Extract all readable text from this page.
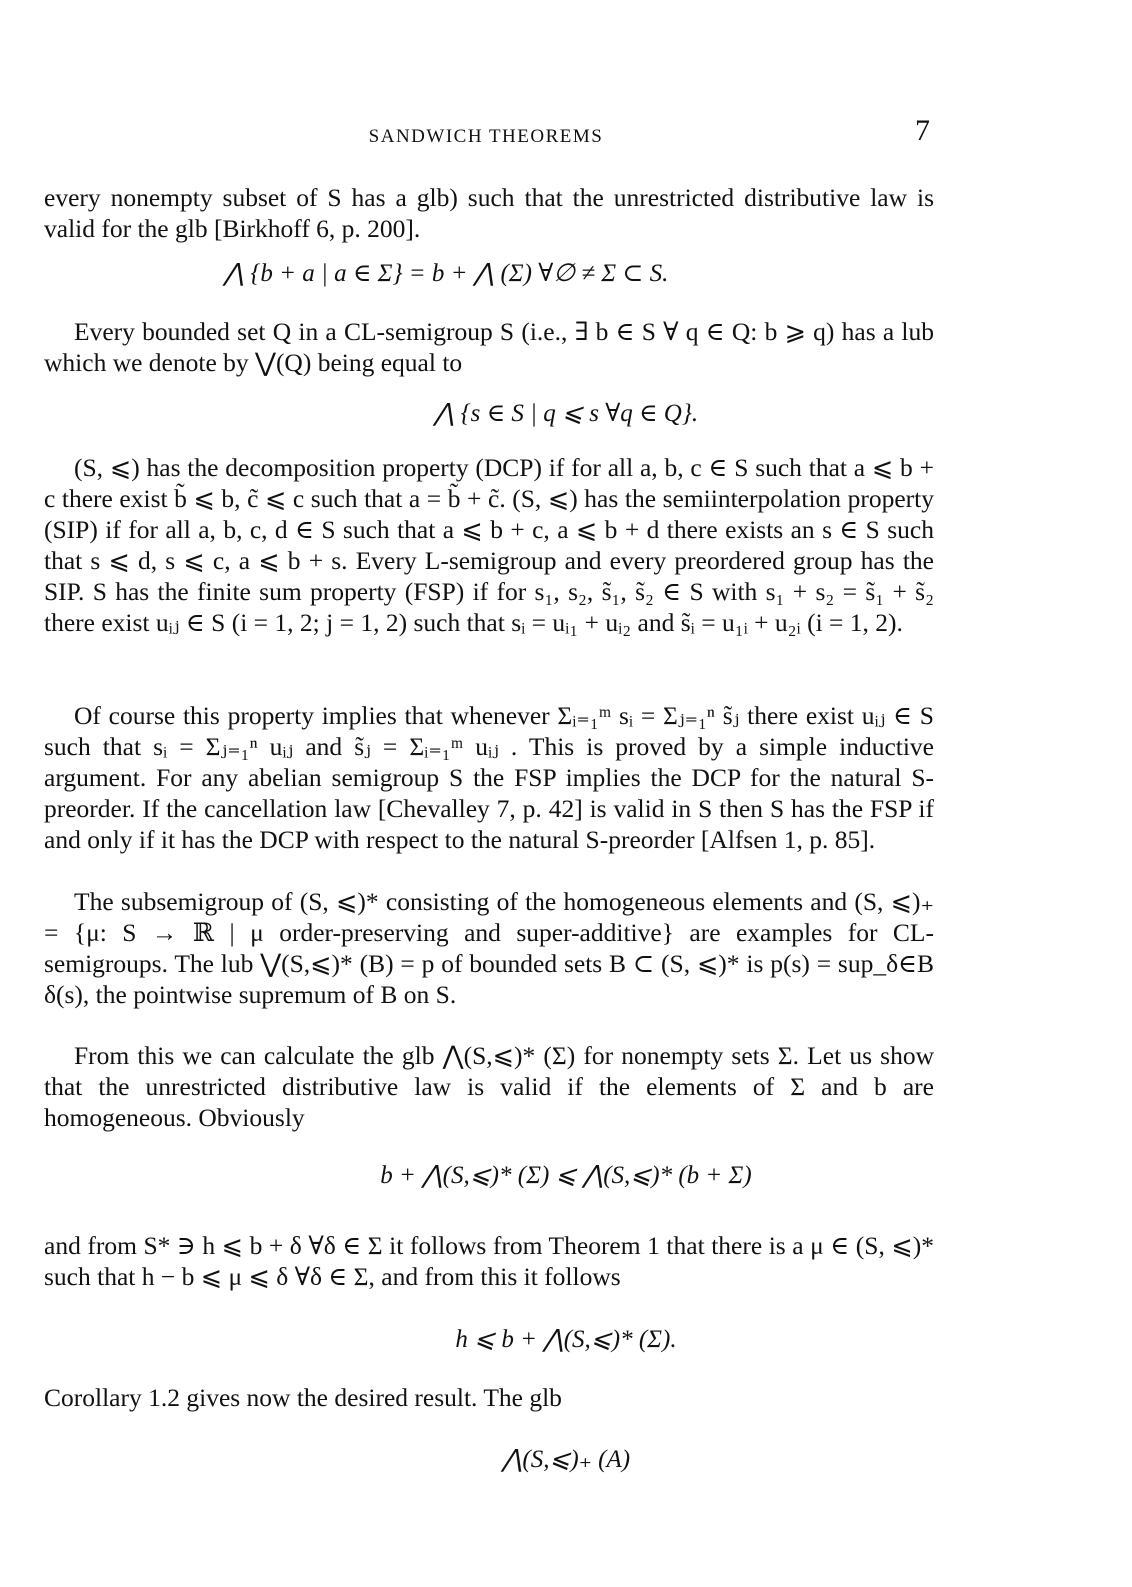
SANDWICH THEOREMS	7

every nonempty subset of S has a glb) such that the unrestricted distributive law is valid for the glb [Birkhoff 6, p. 200].

⋀ {b + a | a ∈ Σ} = b + ⋀ (Σ) ∀∅ ≠ Σ ⊂ S.

Every bounded set Q in a CL-semigroup S (i.e., ∃ b ∈ S ∀ q ∈ Q: b ⩾ q) has a lub which we denote by ⋁(Q) being equal to

⋀ {s ∈ S | q ⩽ s ∀q ∈ Q}.

(S, ⩽) has the decomposition property (DCP) if for all a, b, c ∈ S such that a ⩽ b + c there exist b̃ ⩽ b, c̃ ⩽ c such that a = b̃ + c̃. (S, ⩽) has the semiinterpolation property (SIP) if for all a, b, c, d ∈ S such that a ⩽ b + c, a ⩽ b + d there exists an s ∈ S such that s ⩽ d, s ⩽ c, a ⩽ b + s. Every L-semigroup and every preordered group has the SIP. S has the finite sum property (FSP) if for s₁, s₂, s̃₁, s̃₂ ∈ S with s₁ + s₂ = s̃₁ + s̃₂ there exist uᵢⱼ ∈ S (i = 1, 2; j = 1, 2) such that sᵢ = uᵢ₁ + uᵢ₂ and s̃ᵢ = u₁ᵢ + u₂ᵢ (i = 1, 2).

Of course this property implies that whenever Σᵢ₌₁ᵐ sᵢ = Σⱼ₌₁ⁿ s̃ⱼ there exist uᵢⱼ ∈ S such that sᵢ = Σⱼ₌₁ⁿ uᵢⱼ and s̃ⱼ = Σᵢ₌₁ᵐ uᵢⱼ . This is proved by a simple inductive argument. For any abelian semigroup S the FSP implies the DCP for the natural S-preorder. If the cancellation law [Chevalley 7, p. 42] is valid in S then S has the FSP if and only if it has the DCP with respect to the natural S-preorder [Alfsen 1, p. 85].

The subsemigroup of (S, ⩽)* consisting of the homogeneous elements and (S, ⩽)₊ = {μ: S → ℝ | μ order-preserving and super-additive} are examples for CL-semigroups. The lub ⋁(S,⩽)* (B) = p of bounded sets B ⊂ (S, ⩽)* is p(s) = sup_δ∈B δ(s), the pointwise supremum of B on S.

From this we can calculate the glb ⋀(S,⩽)* (Σ) for nonempty sets Σ. Let us show that the unrestricted distributive law is valid if the elements of Σ and b are homogeneous. Obviously

b + ⋀(S,⩽)* (Σ) ⩽ ⋀(S,⩽)* (b + Σ)

and from S* ∋ h ⩽ b + δ ∀δ ∈ Σ it follows from Theorem 1 that there is a μ ∈ (S, ⩽)* such that h − b ⩽ μ ⩽ δ ∀δ ∈ Σ, and from this it follows

h ⩽ b + ⋀(S,⩽)* (Σ).

Corollary 1.2 gives now the desired result. The glb

⋀(S,⩽)₊ (A)
